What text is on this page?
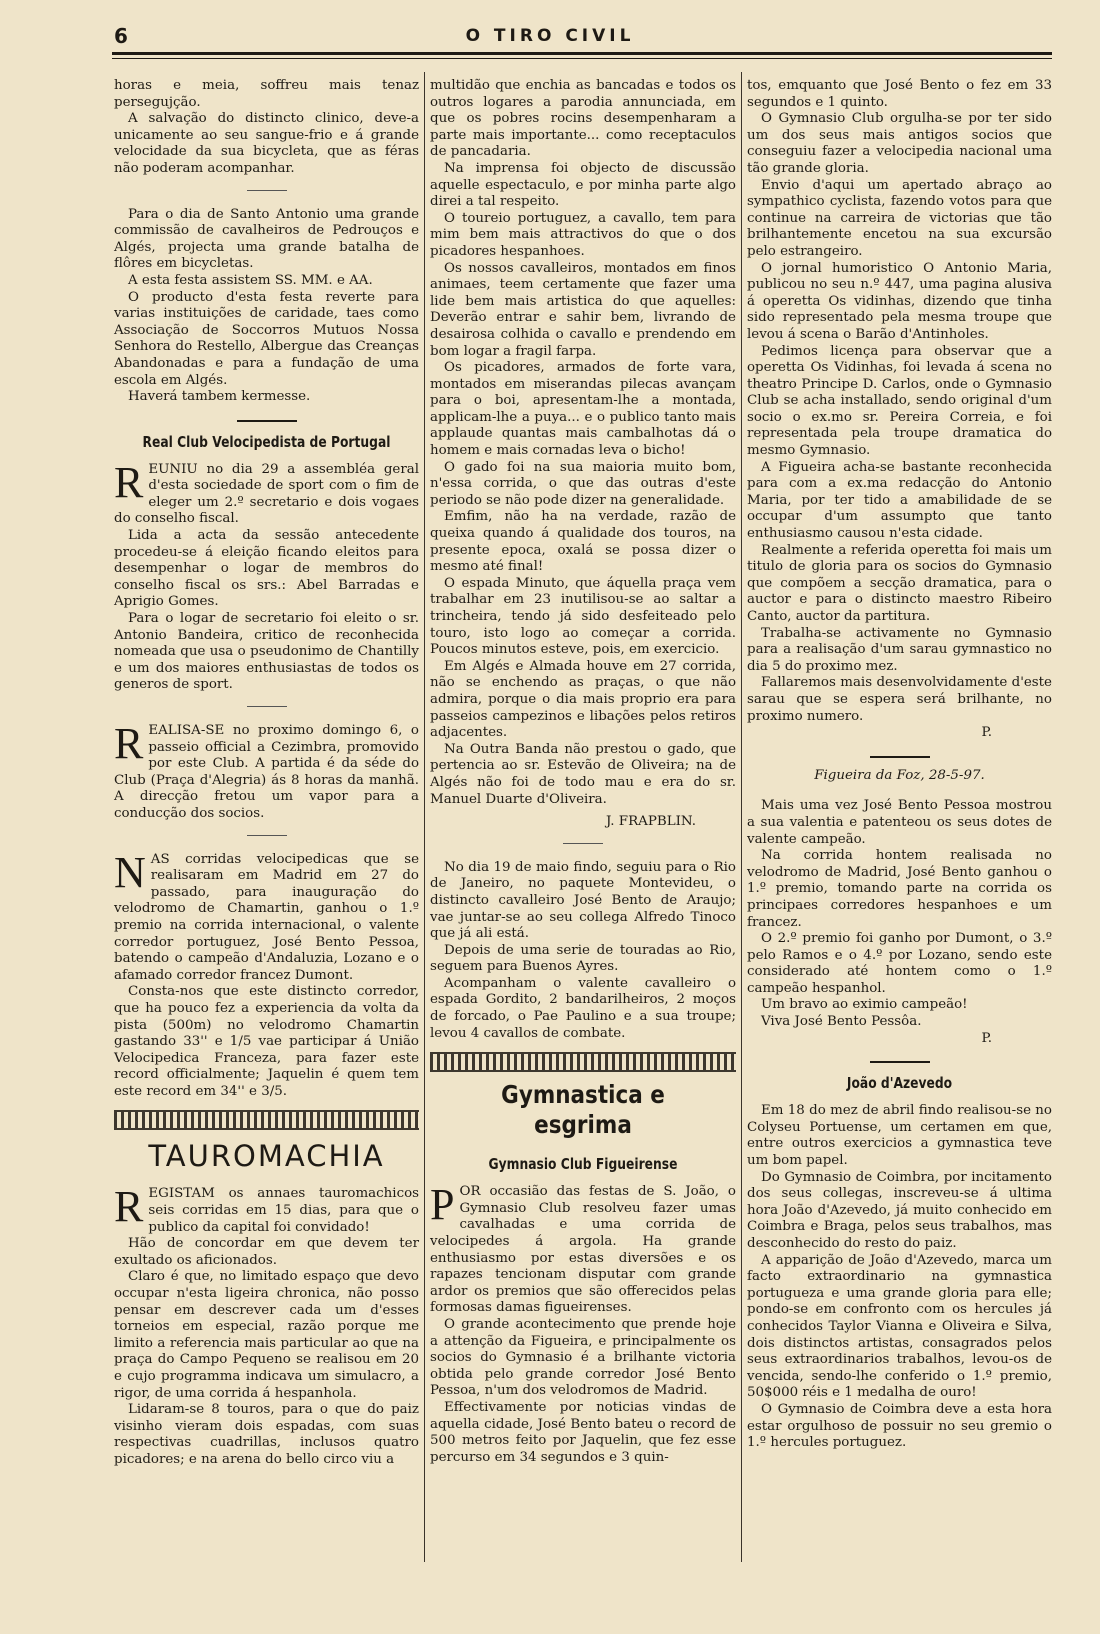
6	O TIRO CIVIL

horas e meia, soffreu mais tenaz persegujção.

A salvação do distincto clinico, deve-a unicamente ao seu sangue-frio e á grande velocidade da sua bicycleta, que as féras não poderam acompanhar.

Para o dia de Santo Antonio uma grande commissão de cavalheiros de Pedrouços e Algés, projecta uma grande batalha de flôres em bicycletas.

A esta festa assistem SS. MM. e AA.

O producto d'esta festa reverte para varias instituições de caridade, taes como Associação de Soccorros Mutuos Nossa Senhora do Restello, Albergue das Creanças Abandonadas e para a fundação de uma escola em Algés.

Haverá tambem kermesse.

Real Club Velocipedista de Portugal

REUNIU no dia 29 a assembléa geral d'esta sociedade de sport com o fim de eleger um 2.º secretario e dois vogaes do conselho fiscal.

Lida a acta da sessão antecedente procedeu-se á eleição ficando eleitos para desempenhar o logar de membros do conselho fiscal os srs.: Abel Barradas e Aprigio Gomes.

Para o logar de secretario foi eleito o sr. Antonio Bandeira, critico de reconhecida nomeada que usa o pseudonimo de Chantilly e um dos maiores enthusiastas de todos os generos de sport.

REALISA-SE no proximo domingo 6, o passeio official a Cezimbra, promovido por este Club. A partida é da séde do Club (Praça d'Alegria) ás 8 horas da manhã. A direcção fretou um vapor para a conducção dos socios.

NAS corridas velocipedicas que se realisaram em Madrid em 27 do passado, para inauguração do velodromo de Chamartin, ganhou o 1.º premio na corrida internacional, o valente corredor portuguez, José Bento Pessoa, batendo o campeão d'Andaluzia, Lozano e o afamado corredor francez Dumont.

Consta-nos que este distincto corredor, que ha pouco fez a experiencia da volta da pista (500m) no velodromo Chamartin gastando 33'' e 1/5 vae participar á União Velocipedica Franceza, para fazer este record officialmente; Jaquelin é quem tem este record em 34'' e 3/5.

TAUROMACHIA

REGISTAM os annaes tauromachicos seis corridas em 15 dias, para que o publico da capital foi convidado!

Hão de concordar em que devem ter exultado os aficionados.

Claro é que, no limitado espaço que devo occupar n'esta ligeira chronica, não posso pensar em descrever cada um d'esses torneios em especial, razão porque me limito a referencia mais particular ao que na praça do Campo Pequeno se realisou em 20 e cujo programma indicava um simulacro, a rigor, de uma corrida á hespanhola.

Lidaram-se 8 touros, para o que do paiz visinho vieram dois espadas, com suas respectivas cuadrillas, inclusos quatro picadores; e na arena do bello circo viu a

multidão que enchia as bancadas e todos os outros logares a parodia annunciada, em que os pobres rocins desempenharam a parte mais importante... como receptaculos de pancadaria.

Na imprensa foi objecto de discussão aquelle espectaculo, e por minha parte algo direi a tal respeito.

O toureio portuguez, a cavallo, tem para mim bem mais attractivos do que o dos picadores hespanhoes.

Os nossos cavalleiros, montados em finos animaes, teem certamente que fazer uma lide bem mais artistica do que aquelles: Deverão entrar e sahir bem, livrando de desairosa colhida o cavallo e prendendo em bom logar a fragil farpa.

Os picadores, armados de forte vara, montados em miserandas pilecas avançam para o boi, apresentam-lhe a montada, applicam-lhe a puya... e o publico tanto mais applaude quantas mais cambalhotas dá o homem e mais cornadas leva o bicho!

O gado foi na sua maioria muito bom, n'essa corrida, o que das outras d'este periodo se não pode dizer na generalidade.

Emfim, não ha na verdade, razão de queixa quando á qualidade dos touros, na presente epoca, oxalá se possa dizer o mesmo até final!

O espada Minuto, que áquella praça vem trabalhar em 23 inutilisou-se ao saltar a trincheira, tendo já sido desfeiteado pelo touro, isto logo ao começar a corrida. Poucos minutos esteve, pois, em exercicio.

Em Algés e Almada houve em 27 corrida, não se enchendo as praças, o que não admira, porque o dia mais proprio era para passeios campezinos e libações pelos retiros adjacentes.

Na Outra Banda não prestou o gado, que pertencia ao sr. Estevão de Oliveira; na de Algés não foi de todo mau e era do sr. Manuel Duarte d'Oliveira.

J. FRAPBLIN.

No dia 19 de maio findo, seguiu para o Rio de Janeiro, no paquete Montevideu, o distincto cavalleiro José Bento de Araujo; vae juntar-se ao seu collega Alfredo Tinoco que já ali está.

Depois de uma serie de touradas ao Rio, seguem para Buenos Ayres.

Acompanham o valente cavalleiro o espada Gordito, 2 bandarilheiros, 2 moços de forcado, o Pae Paulino e a sua troupe; levou 4 cavallos de combate.

Gymnastica e esgrima
Gymnasio Club Figueirense

POR occasião das festas de S. João, o Gymnasio Club resolveu fazer umas cavalhadas e uma corrida de velocipedes á argola. Ha grande enthusiasmo por estas diversões e os rapazes tencionam disputar com grande ardor os premios que são offerecidos pelas formosas damas figueirenses.

O grande acontecimento que prende hoje a attenção da Figueira, e principalmente os socios do Gymnasio é a brilhante victoria obtida pelo grande corredor José Bento Pessoa, n'um dos velodromos de Madrid.

Effectivamente por noticias vindas de aquella cidade, José Bento bateu o record de 500 metros feito por Jaquelin, que fez esse percurso em 34 segundos e 3 quin-

tos, emquanto que José Bento o fez em 33 segundos e 1 quinto.

O Gymnasio Club orgulha-se por ter sido um dos seus mais antigos socios que conseguiu fazer a velocipedia nacional uma tão grande gloria.

Envio d'aqui um apertado abraço ao sympathico cyclista, fazendo votos para que continue na carreira de victorias que tão brilhantemente encetou na sua excursão pelo estrangeiro.

O jornal humoristico O Antonio Maria, publicou no seu n.º 447, uma pagina alusiva á operetta Os vidinhas, dizendo que tinha sido representado pela mesma troupe que levou á scena o Barão d'Antinholes.

Pedimos licença para observar que a operetta Os Vidinhas, foi levada á scena no theatro Principe D. Carlos, onde o Gymnasio Club se acha installado, sendo original d'um socio o ex.mo sr. Pereira Correia, e foi representada pela troupe dramatica do mesmo Gymnasio.

A Figueira acha-se bastante reconhecida para com a ex.ma redacção do Antonio Maria, por ter tido a amabilidade de se occupar d'um assumpto que tanto enthusiasmo causou n'esta cidade.

Realmente a referida operetta foi mais um titulo de gloria para os socios do Gymnasio que compõem a secção dramatica, para o auctor e para o distincto maestro Ribeiro Canto, auctor da partitura.

Trabalha-se activamente no Gymnasio para a realisação d'um sarau gymnastico no dia 5 do proximo mez.

Fallaremos mais desenvolvidamente d'este sarau que se espera será brilhante, no proximo numero.

P.
Figueira da Foz, 28-5-97.

Mais uma vez José Bento Pessoa mostrou a sua valentia e patenteou os seus dotes de valente campeão.

Na corrida hontem realisada no velodromo de Madrid, José Bento ganhou o 1.º premio, tomando parte na corrida os principaes corredores hespanhoes e um francez.

O 2.º premio foi ganho por Dumont, o 3.º pelo Ramos e o 4.º por Lozano, sendo este considerado até hontem como o 1.º campeão hespanhol.

Um bravo ao eximio campeão!

Viva José Bento Pessôa.

P.
João d'Azevedo

Em 18 do mez de abril findo realisou-se no Colyseu Portuense, um certamen em que, entre outros exercicios a gymnastica teve um bom papel.

Do Gymnasio de Coimbra, por incitamento dos seus collegas, inscreveu-se á ultima hora João d'Azevedo, já muito conhecido em Coimbra e Braga, pelos seus trabalhos, mas desconhecido do resto do paiz.

A apparição de João d'Azevedo, marca um facto extraordinario na gymnastica portugueza e uma grande gloria para elle; pondo-se em confronto com os hercules já conhecidos Taylor Vianna e Oliveira e Silva, dois distinctos artistas, consagrados pelos seus extraordinarios trabalhos, levou-os de vencida, sendo-lhe conferido o 1.º premio, 50$000 réis e 1 medalha de ouro!

O Gymnasio de Coimbra deve a esta hora estar orgulhoso de possuir no seu gremio o 1.º hercules portuguez.
